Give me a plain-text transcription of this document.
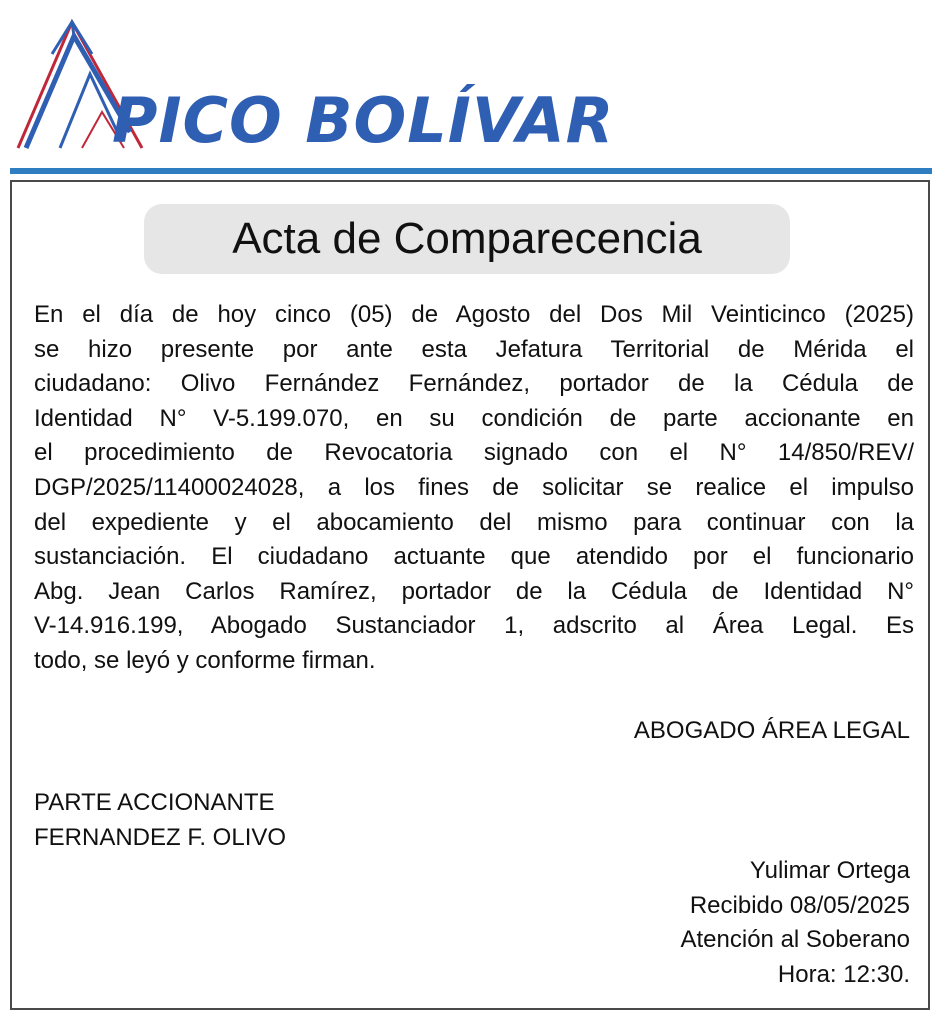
PICO BOLÍVAR
Acta de Comparecencia
En el día de hoy cinco (05) de Agosto del Dos Mil Veinticinco (2025)
se hizo presente por ante esta Jefatura Territorial de Mérida el
ciudadano: Olivo Fernández Fernández, portador de la Cédula de
Identidad N° V-5.199.070, en su condición de parte accionante en
el procedimiento de Revocatoria signado con el N° 14/850/REV/
DGP/2025/11400024028, a los fines de solicitar se realice el impulso
del expediente y el abocamiento del mismo para continuar con la
sustanciación. El ciudadano actuante que atendido por el funcionario
Abg. Jean Carlos Ramírez, portador de la Cédula de Identidad N°
V-14.916.199, Abogado Sustanciador 1, adscrito al Área Legal. Es
todo, se leyó y conforme firman.
ABOGADO ÁREA LEGAL
PARTE ACCIONANTE
FERNANDEZ F. OLIVO
Yulimar Ortega
Recibido 08/05/2025
Atención al Soberano
Hora: 12:30.
